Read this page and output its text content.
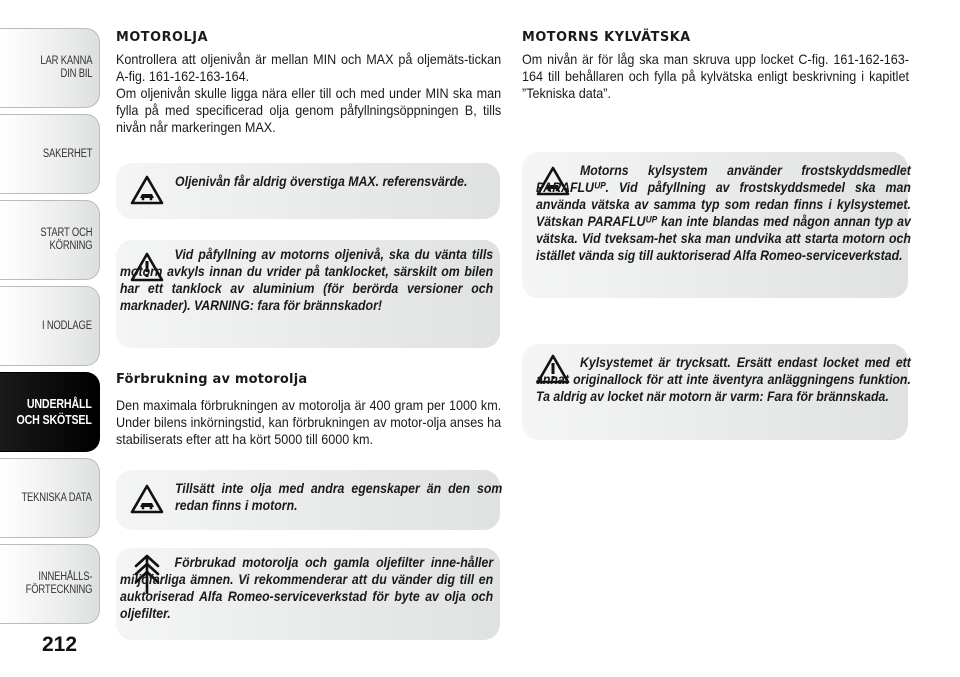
LÄR KÄNNA
DIN BIL
SÄKERHET
START OCH
KÖRNING
I NÖDLÄGE
UNDERHÅLL
OCH SKÖTSEL
TEKNISKA DATA
INNEHÅLLS-
FÖRTECKNING
212
MOTOROLJA

Kontrollera att oljenivån är mellan MIN och MAX på oljemäts-tickan A-fig. 161-162-163-164.
Om oljenivån skulle ligga nära eller till och med under MIN ska man fylla på med specificerad olja genom påfyllningsöppningen B, tills nivån når markeringen MAX.

Oljenivån får aldrig överstiga MAX. referensvärde.

Vid påfyllning av motorns oljenivå, ska du vänta tills motorn avkyls innan du vrider på tanklocket, särskilt om bilen har ett tanklock av aluminium (för berörda versioner och marknader). VARNING: fara för brännskador!

Förbrukning av motorolja

Den maximala förbrukningen av motorolja är 400 gram per 1000 km. Under bilens inkörningstid, kan förbrukningen av motor-olja anses ha stabiliserats efter att ha kört 5000 till 6000 km.

Tillsätt inte olja med andra egenskaper än den som redan finns i motorn.

Förbrukad motorolja och gamla oljefilter inne-håller miljöfarliga ämnen. Vi rekommenderar att du vänder dig till en auktoriserad Alfa Romeo-serviceverkstad för byte av olja och oljefilter.

MOTORNS KYLVÄTSKA

Om nivån är för låg ska man skruva upp locket C-fig. 161-162-163-164 till behållaren och fylla på kylvätska enligt beskrivning i kapitlet ”Tekniska data”.

Motorns kylsystem använder frostskyddsmedlet PARAFLUᵁᴾ. Vid påfyllning av frostskyddsmedel ska man använda vätska av samma typ som redan finns i kylsystemet. Vätskan PARAFLUᵁᴾ kan inte blandas med någon annan typ av vätska. Vid tveksam-het ska man undvika att starta motorn och istället vända sig till auktoriserad Alfa Romeo-serviceverkstad.

Kylsystemet är trycksatt. Ersätt endast locket med ett annat originallock för att inte äventyra anläggningens funktion. Ta aldrig av locket när motorn är varm: Fara för brännskada.
